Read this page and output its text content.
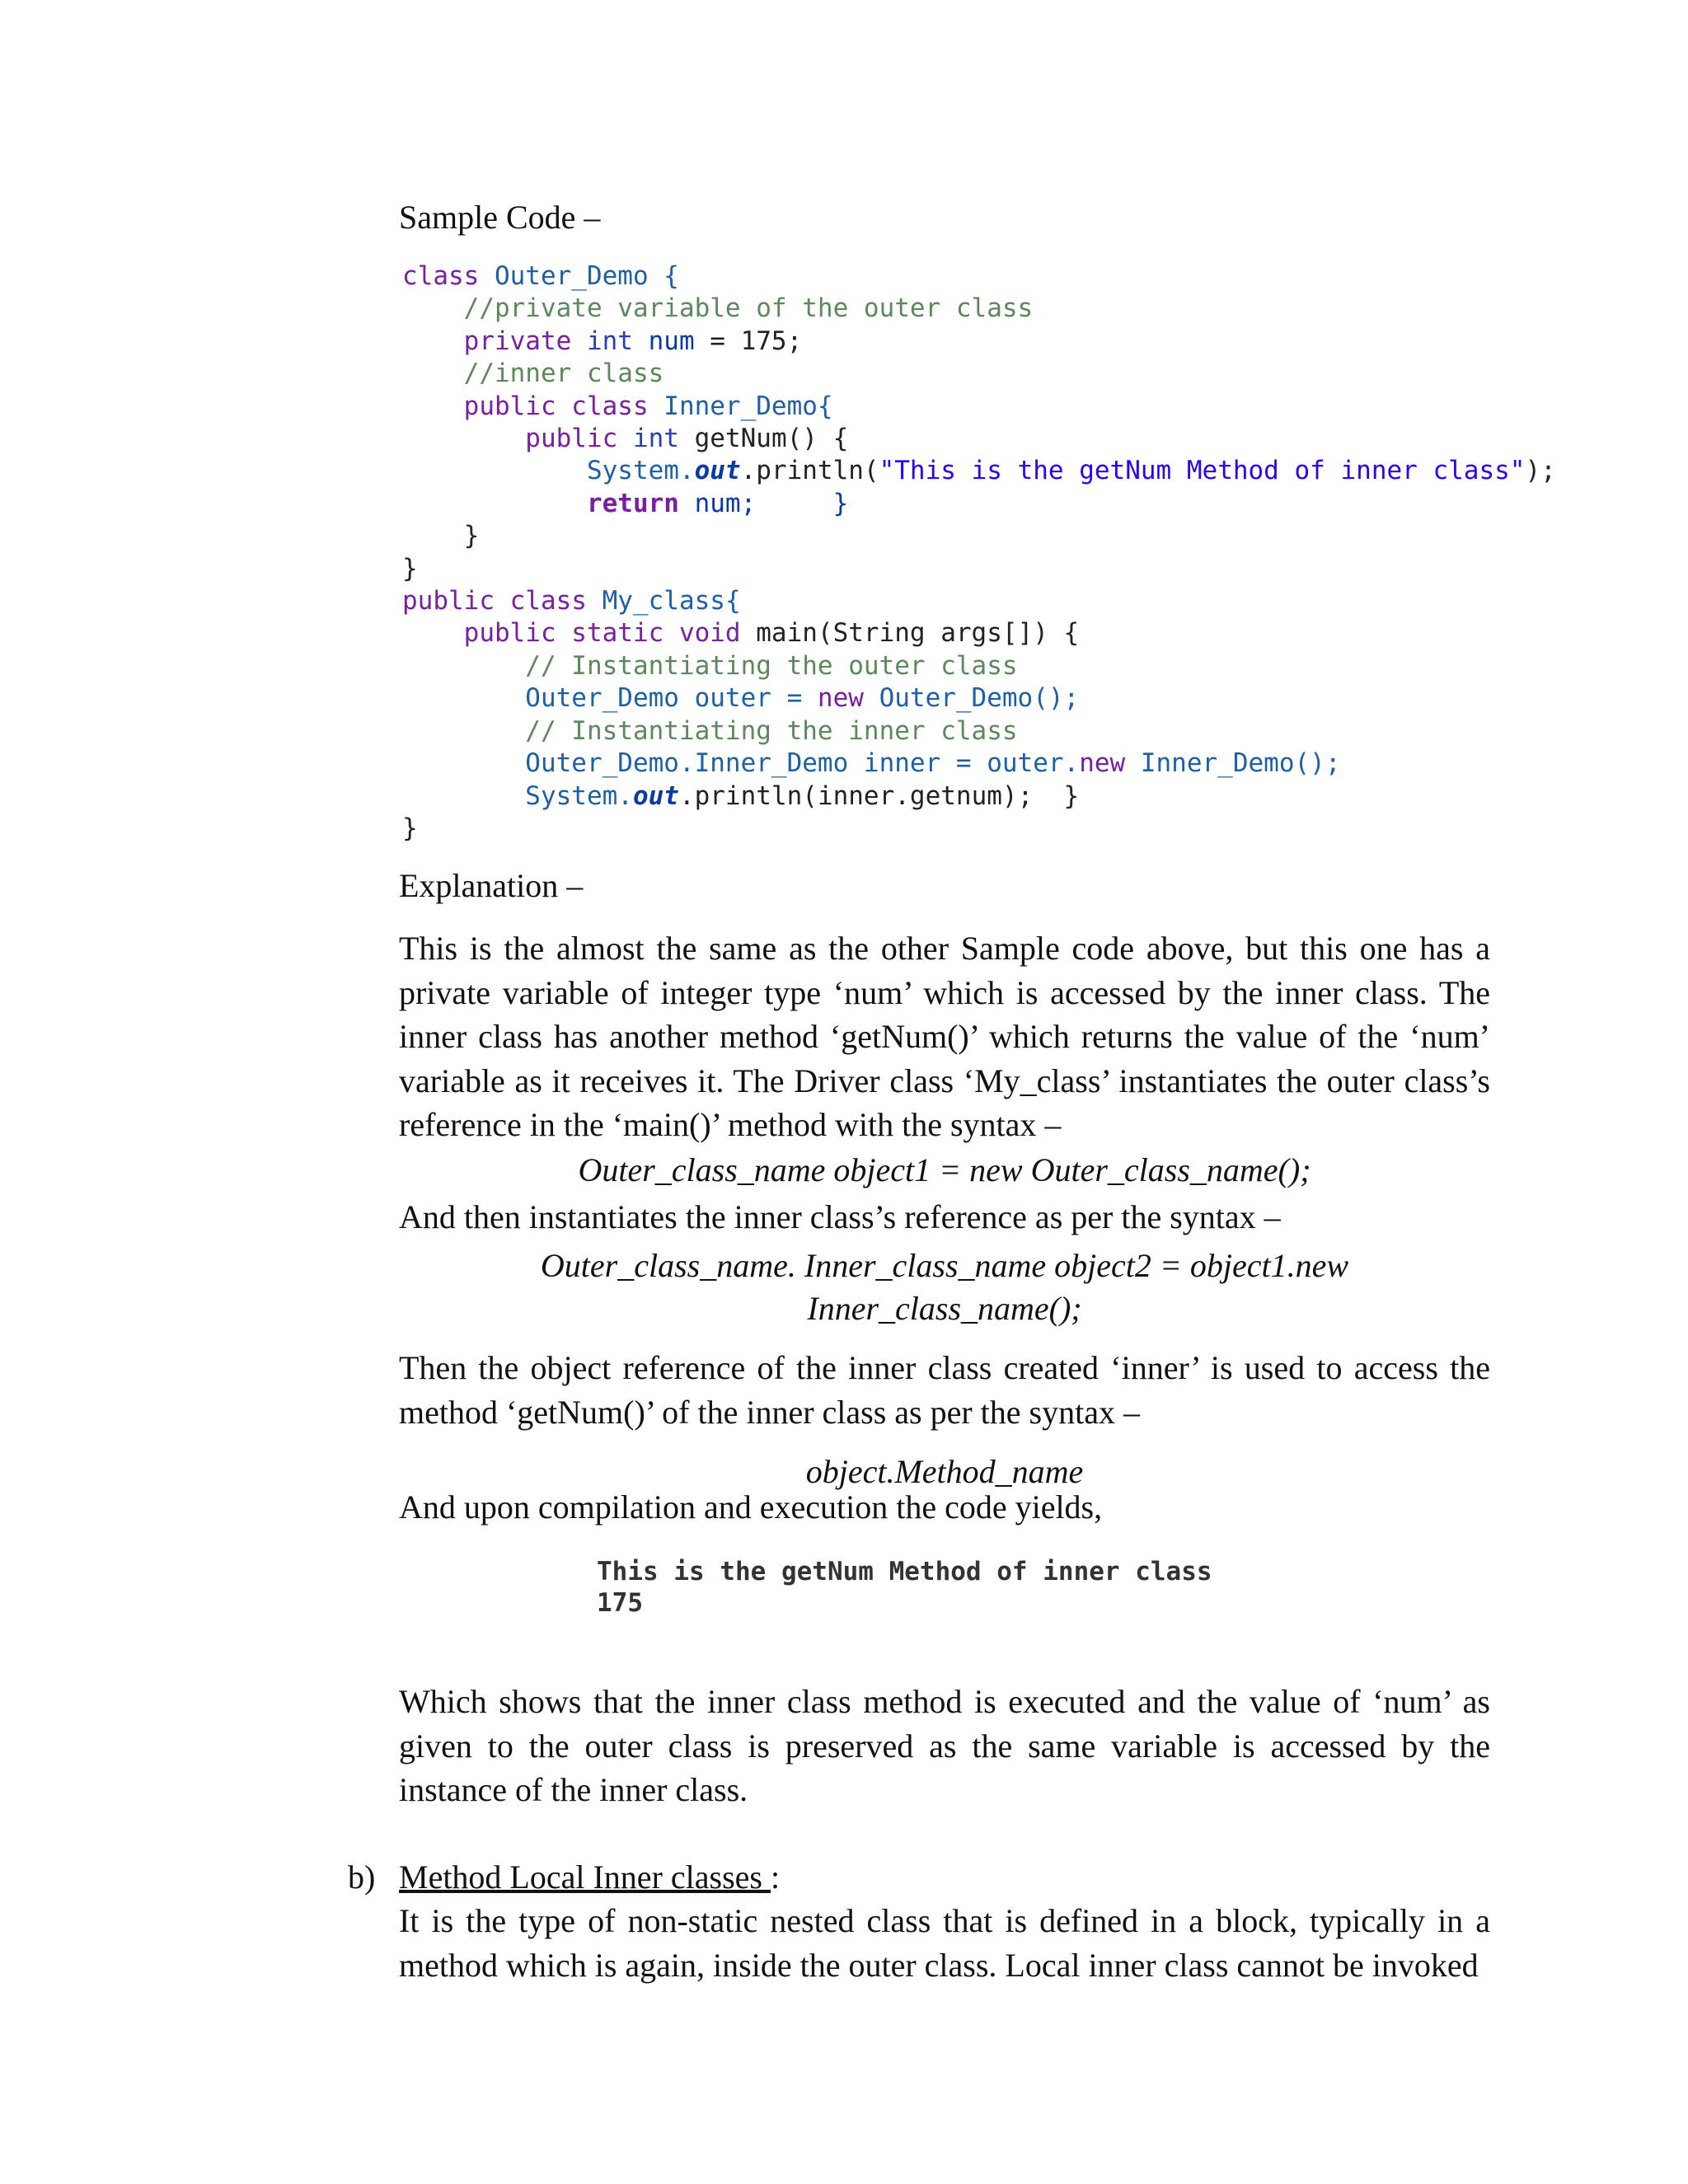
Sample Code –

class Outer_Demo {
//private variable of the outer class
private int num = 175;
//inner class
public class Inner_Demo{
public int getNum() {
System.out.println("This is the getNum Method of inner class");
return num;     }
}
}
public class My_class{
public static void main(String args[]) {
// Instantiating the outer class
Outer_Demo outer = new Outer_Demo();
// Instantiating the inner class
Outer_Demo.Inner_Demo inner = outer.new Inner_Demo();
System.out.println(inner.getnum);  }
}

Explanation –

This is the almost the same as the other Sample code above, but this one has a private variable of integer type ‘num’ which is accessed by the inner class. The inner class has another method ‘getNum()’ which returns the value of the ‘num’ variable as it receives it. The Driver class ‘My_class’ instantiates the outer class’s reference in the ‘main()’ method with the syntax –

Outer_class_name object1 = new Outer_class_name();

And then instantiates the inner class’s reference as per the syntax –

Outer_class_name. Inner_class_name object2 = object1.new Inner_class_name();

Then the object reference of the inner class created ‘inner’ is used to access the method ‘getNum()’ of the inner class as per the syntax –

object.Method_name

And upon compilation and execution the code yields,

This is the getNum Method of inner class
175

Which shows that the inner class method is executed and the value of ‘num’ as given to the outer class is preserved as the same variable is accessed by the instance of the inner class.

b) Method Local Inner classes :

It is the type of non-static nested class that is defined in a block, typically in a method which is again, inside the outer class. Local inner class cannot be invoked
